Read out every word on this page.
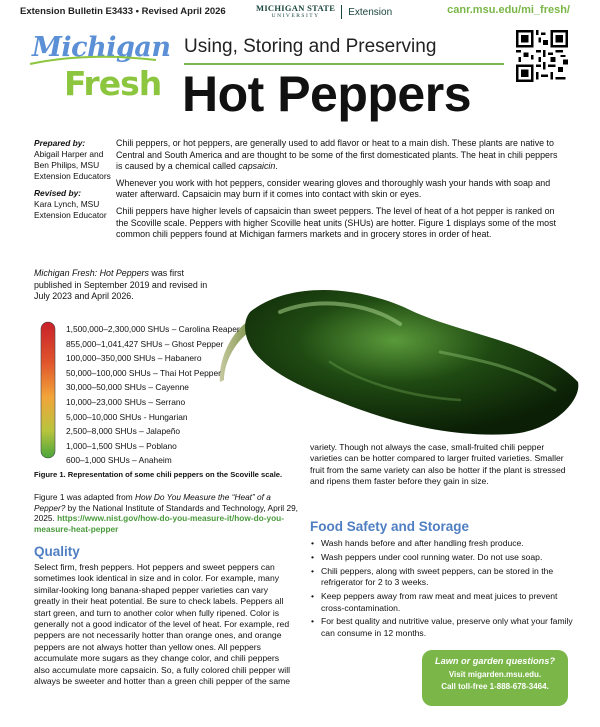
Extension Bulletin E3433 • Revised April 2026	MICHIGAN STATE
UNIVERSITY	Extension	canr.msu.edu/mi_fresh/
Michigan
Fresh
Using, Storing and Preserving
Hot Peppers
Prepared by:
Abigail Harper and Ben Philips, MSU Extension Educators
Revised by:
Kara Lynch, MSU Extension Educator

Chili peppers, or hot peppers, are generally used to add flavor or heat to a main dish. These plants are native to Central and South America and are thought to be some of the first domesticated plants. The heat in chili peppers is caused by a chemical called capsaicin.

Whenever you work with hot peppers, consider wearing gloves and thoroughly wash your hands with soap and water afterward. Capsaicin may burn if it comes into contact with skin or eyes.

Chili peppers have higher levels of capsaicin than sweet peppers. The level of heat of a hot pepper is ranked on the Scoville scale. Peppers with higher Scoville heat units (SHUs) are hotter. Figure 1 displays some of the most common chili peppers found at Michigan farmers markets and in grocery stores in order of heat.

Michigan Fresh: Hot Peppers was first published in September 2019 and revised in July 2023 and April 2026.
1,500,000–2,300,000 SHUs – Carolina Reaper
855,000–1,041,427 SHUs – Ghost Pepper
100,000–350,000 SHUs – Habanero
50,000–100,000 SHUs – Thai Hot Pepper
30,000–50,000 SHUs – Cayenne
10,000–23,000 SHUs – Serrano
5,000–10,000 SHUs - Hungarian
2,500–8,000 SHUs – Jalapeño
1,000–1,500 SHUs – Poblano
600–1,000 SHUs – Anaheim
Figure 1. Representation of some chili peppers on the Scoville scale.
Figure 1 was adapted from How Do You Measure the “Heat” of a Pepper? by the National Institute of Standards and Technology, April 29, 2025. https://www.nist.gov/how-do-you-measure-it/how-do-you-measure-heat-pepper
Quality
Select firm, fresh peppers. Hot peppers and sweet peppers can sometimes look identical in size and in color. For example, many similar-looking long banana-shaped pepper varieties can vary greatly in their heat potential. Be sure to check labels. Peppers all start green, and turn to another color when fully ripened. Color is generally not a good indicator of the level of heat. For example, red peppers are not necessarily hotter than orange ones, and orange peppers are not always hotter than yellow ones. All peppers accumulate more sugars as they change color, and chili peppers also accumulate more capsaicin. So, a fully colored chili pepper will always be sweeter and hotter than a green chili pepper of the same
variety. Though not always the case, small-fruited chili pepper varieties can be hotter compared to larger fruited varieties. Smaller fruit from the same variety can also be hotter if the plant is stressed and ripens them faster before they gain in size.
Food Safety and Storage
• Wash hands before and after handling fresh produce.
• Wash peppers under cool running water. Do not use soap.
• Chili peppers, along with sweet peppers, can be stored in the refrigerator for 2 to 3 weeks.
• Keep peppers away from raw meat and meat juices to prevent cross-contamination.
• For best quality and nutritive value, preserve only what your family can consume in 12 months.
Lawn or garden questions?
Visit migarden.msu.edu.
Call toll-free 1-888-678-3464.
